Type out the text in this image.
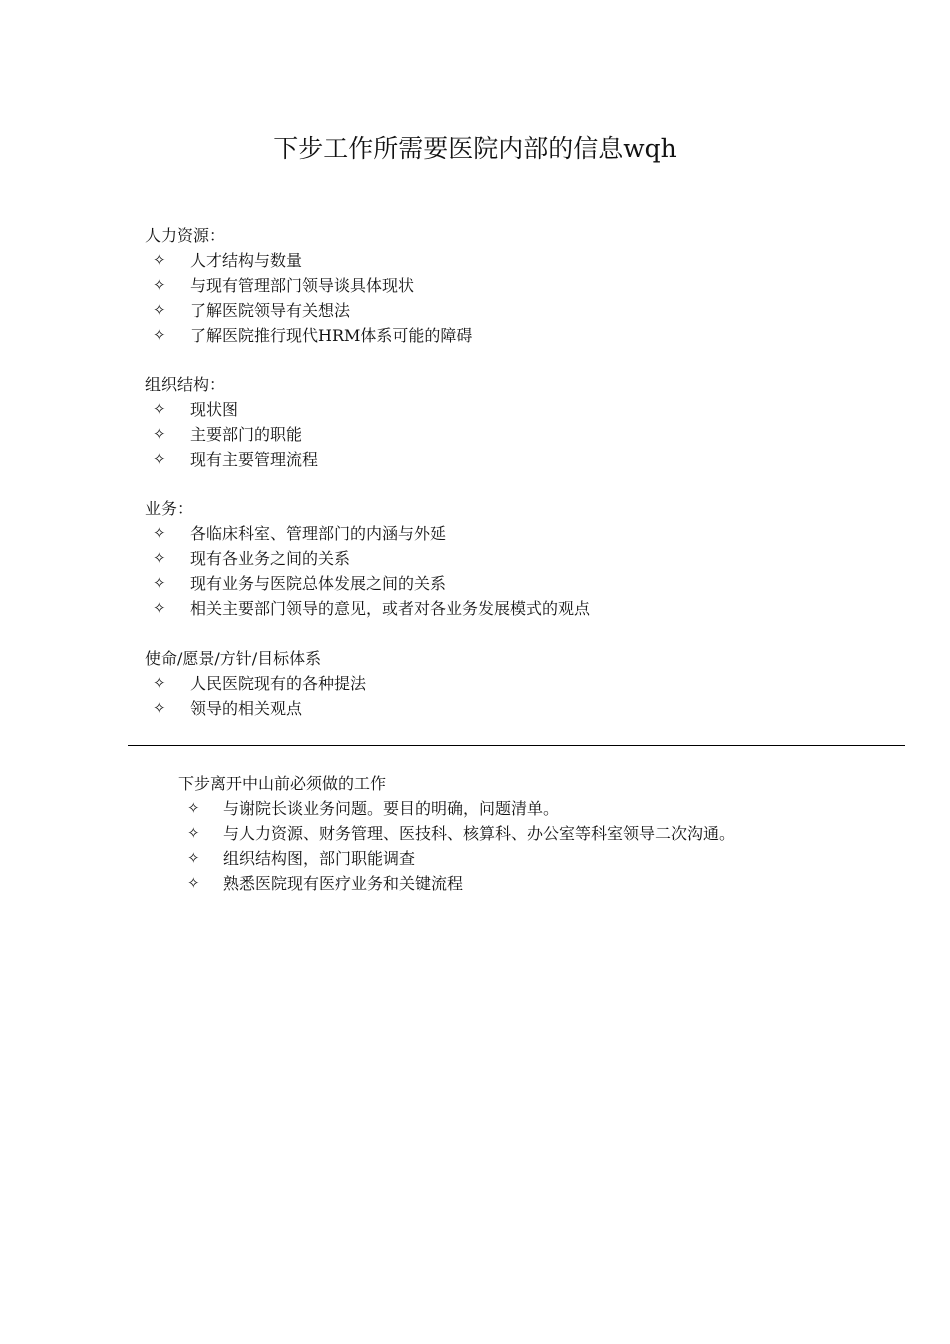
下步工作所需要医院内部的信息wqh
人力资源：
✧ 人才结构与数量
✧ 与现有管理部门领导谈具体现状
✧ 了解医院领导有关想法
✧ 了解医院推行现代HRM体系可能的障碍
组织结构：
✧ 现状图
✧ 主要部门的职能
✧ 现有主要管理流程
业务：
✧ 各临床科室、管理部门的内涵与外延
✧ 现有各业务之间的关系
✧ 现有业务与医院总体发展之间的关系
✧ 相关主要部门领导的意见，或者对各业务发展模式的观点
使命/愿景/方针/目标体系
✧ 人民医院现有的各种提法
✧ 领导的相关观点
下步离开中山前必须做的工作
✧ 与谢院长谈业务问题。要目的明确，问题清单。
✧ 与人力资源、财务管理、医技科、核算科、办公室等科室领导二次沟通。
✧ 组织结构图，部门职能调查
✧ 熟悉医院现有医疗业务和关键流程
